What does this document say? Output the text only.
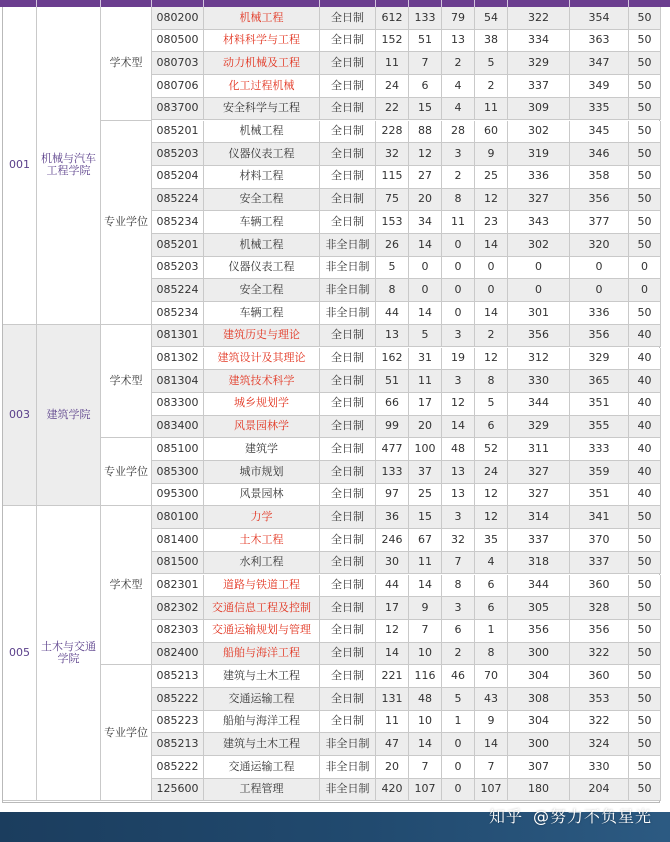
001	机械与汽车工程学院
学术型
080200	机械工程	全日制	612	133	79	54	322	354	50
080500	材料科学与工程	全日制	152	51	13	38	334	363	50
080703	动力机械及工程	全日制	11	7	2	5	329	347	50
080706	化工过程机械	全日制	24	6	4	2	337	349	50
083700	安全科学与工程	全日制	22	15	4	11	309	335	50
专业学位
085201	机械工程	全日制	228	88	28	60	302	345	50
085203	仪器仪表工程	全日制	32	12	3	9	319	346	50
085204	材料工程	全日制	115	27	2	25	336	358	50
085224	安全工程	全日制	75	20	8	12	327	356	50
085234	车辆工程	全日制	153	34	11	23	343	377	50
085201	机械工程	非全日制	26	14	0	14	302	320	50
085203	仪器仪表工程	非全日制	5	0	0	0	0	0	0
085224	安全工程	非全日制	8	0	0	0	0	0	0
085234	车辆工程	非全日制	44	14	0	14	301	336	50
003	建筑学院
学术型
081301	建筑历史与理论	全日制	13	5	3	2	356	356	40
081302	建筑设计及其理论	全日制	162	31	19	12	312	329	40
081304	建筑技术科学	全日制	51	11	3	8	330	365	40
083300	城乡规划学	全日制	66	17	12	5	344	351	40
083400	风景园林学	全日制	99	20	14	6	329	355	40
专业学位
085100	建筑学	全日制	477	100	48	52	311	333	40
085300	城市规划	全日制	133	37	13	24	327	359	40
095300	风景园林	全日制	97	25	13	12	327	351	40
005	土木与交通学院
学术型
080100	力学	全日制	36	15	3	12	314	341	50
081400	土木工程	全日制	246	67	32	35	337	370	50
081500	水利工程	全日制	30	11	7	4	318	337	50
082301	道路与铁道工程	全日制	44	14	8	6	344	360	50
082302	交通信息工程及控制	全日制	17	9	3	6	305	328	50
082303	交通运输规划与管理	全日制	12	7	6	1	356	356	50
082400	船舶与海洋工程	全日制	14	10	2	8	300	322	50
专业学位
085213	建筑与土木工程	全日制	221	116	46	70	304	360	50
085222	交通运输工程	全日制	131	48	5	43	308	353	50
085223	船舶与海洋工程	全日制	11	10	1	9	304	322	50
085213	建筑与土木工程	非全日制	47	14	0	14	300	324	50
085222	交通运输工程	非全日制	20	7	0	7	307	330	50
125600	工程管理	非全日制	420	107	0	107	180	204	50
知乎 @努力不负星光
